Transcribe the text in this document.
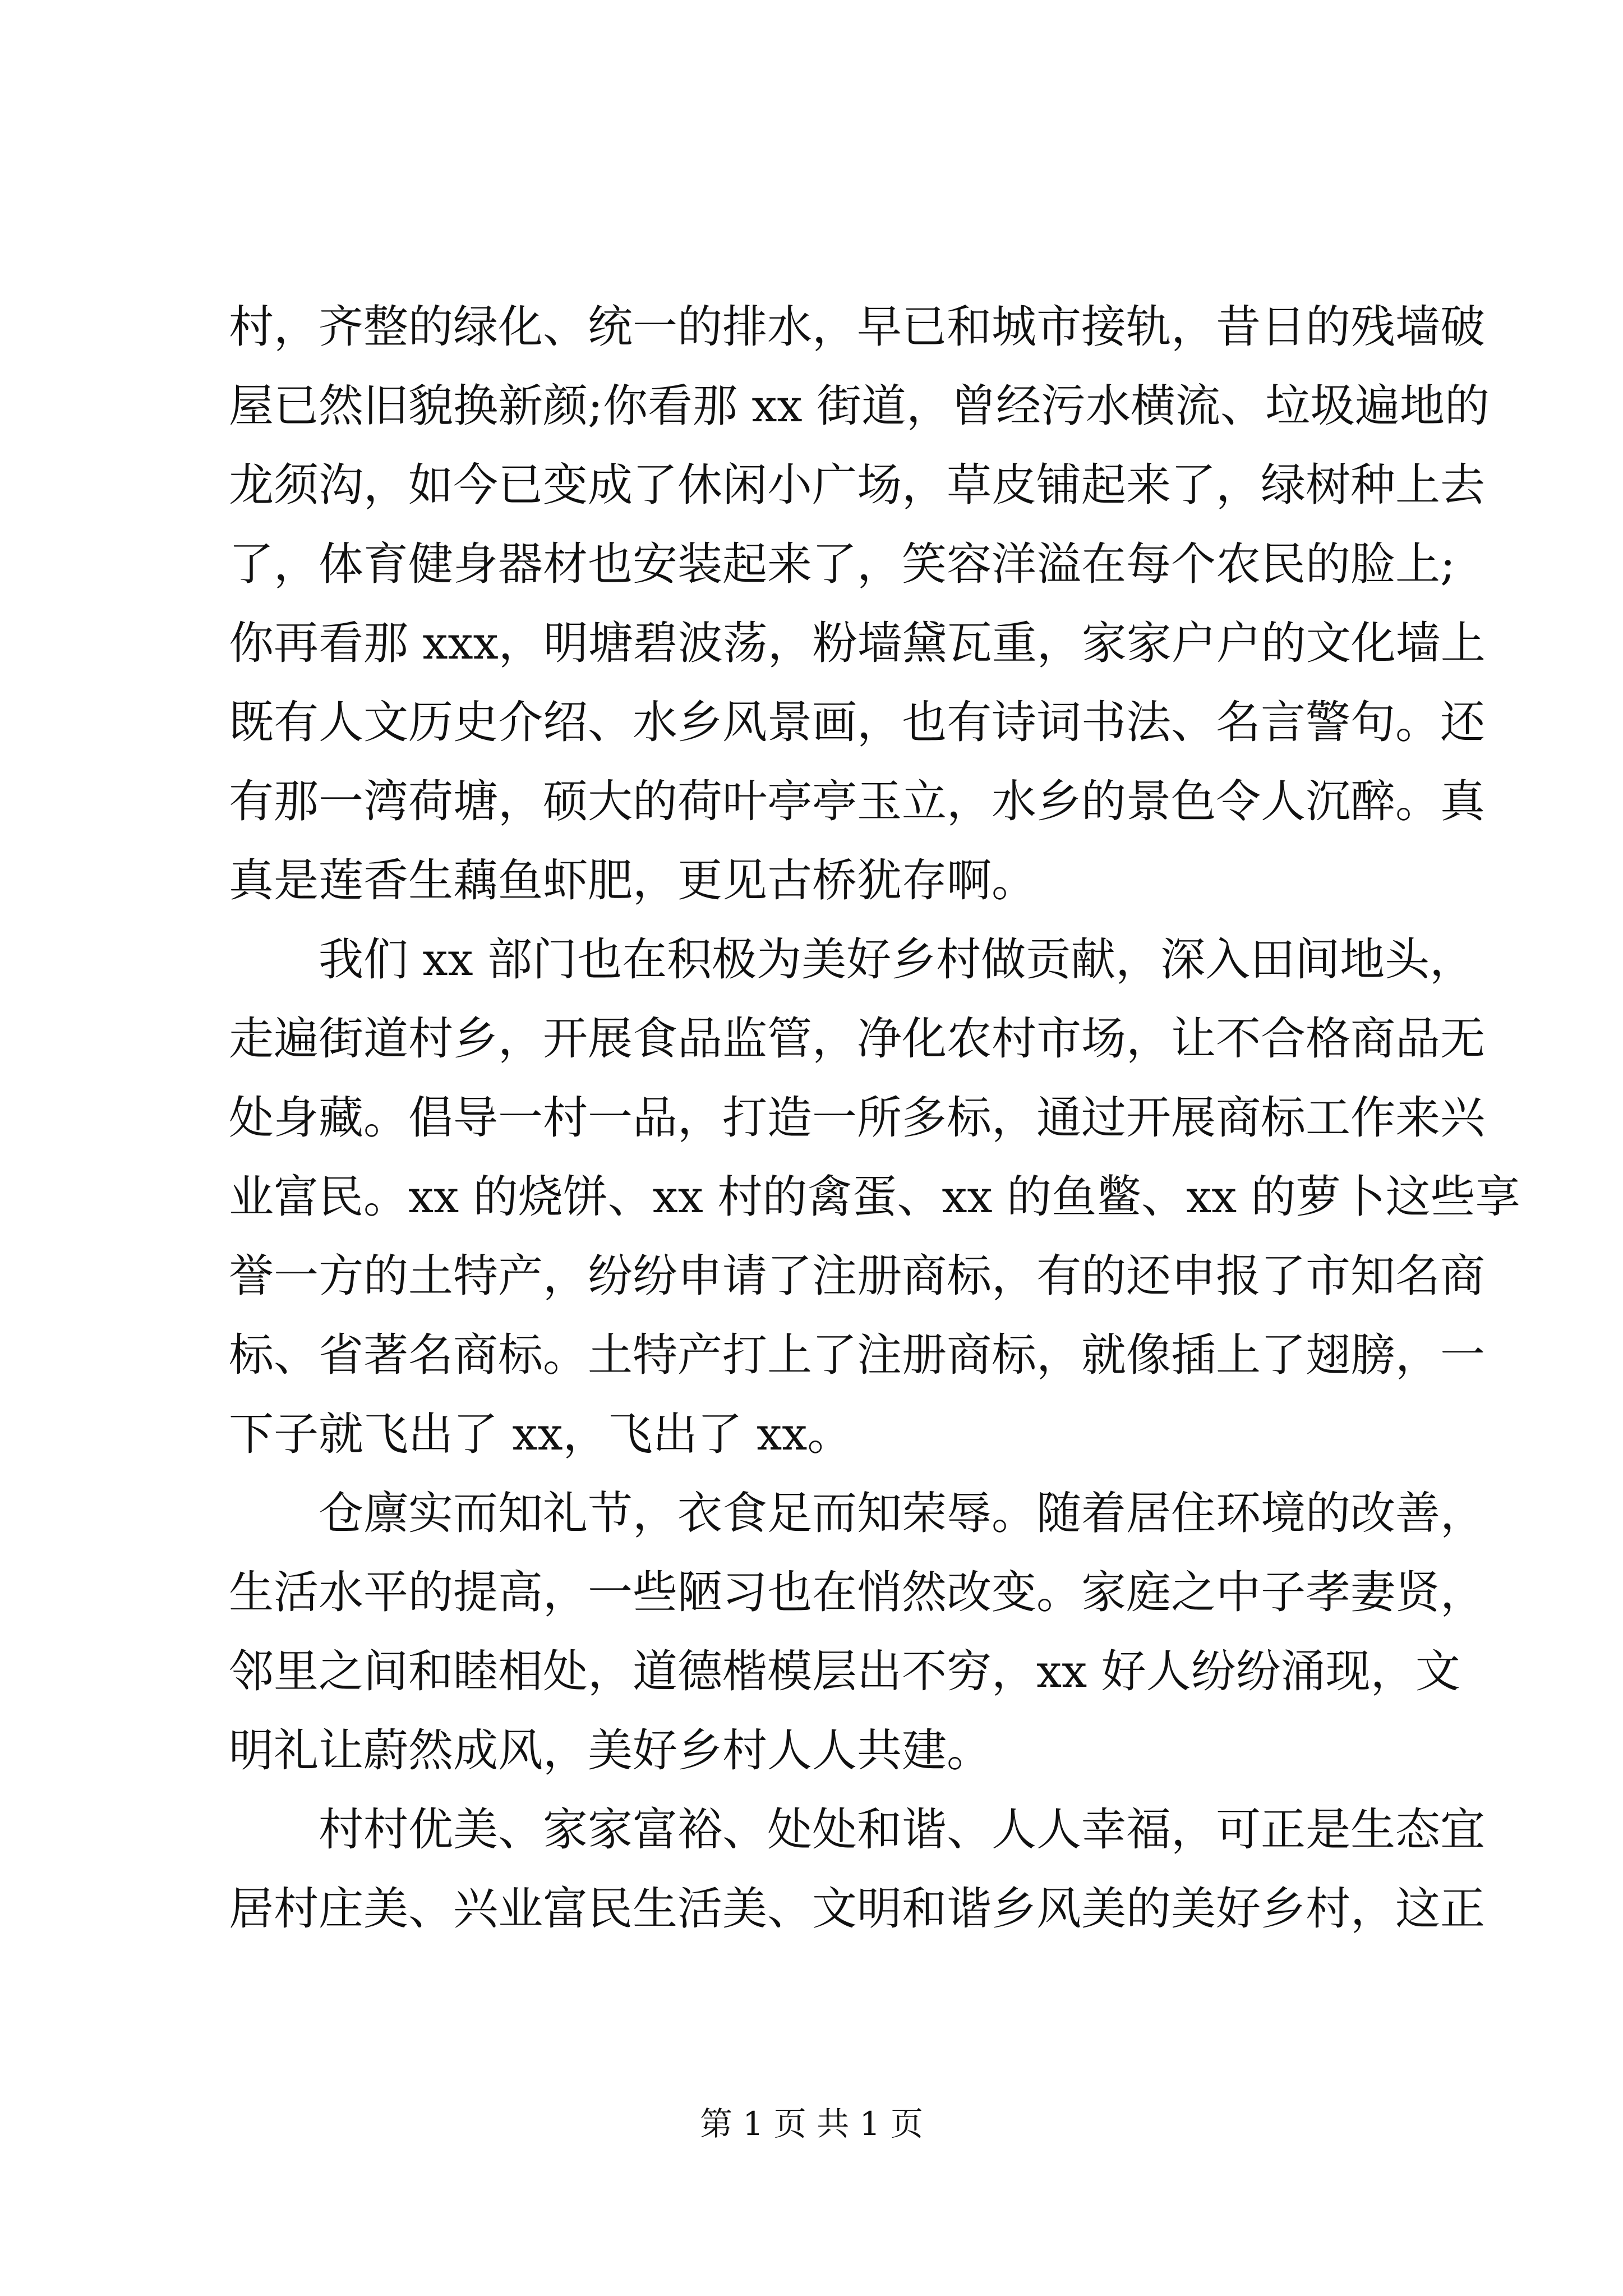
村，齐整的绿化、统一的排水，早已和城市接轨，昔日的残墙破
屋已然旧貌换新颜;你看那 xx 街道，曾经污水横流、垃圾遍地的
龙须沟，如今已变成了休闲小广场，草皮铺起来了，绿树种上去
了，体育健身器材也安装起来了，笑容洋溢在每个农民的脸上;
你再看那 xxx，明塘碧波荡，粉墙黛瓦重，家家户户的文化墙上
既有人文历史介绍、水乡风景画，也有诗词书法、名言警句。还
有那一湾荷塘，硕大的荷叶亭亭玉立，水乡的景色令人沉醉。真
真是莲香生藕鱼虾肥，更见古桥犹存啊。
我们 xx 部门也在积极为美好乡村做贡献，深入田间地头，
走遍街道村乡，开展食品监管，净化农村市场，让不合格商品无
处身藏。倡导一村一品，打造一所多标，通过开展商标工作来兴
业富民。xx 的烧饼、xx 村的禽蛋、xx 的鱼鳖、xx 的萝卜这些享
誉一方的土特产，纷纷申请了注册商标，有的还申报了市知名商
标、省著名商标。土特产打上了注册商标，就像插上了翅膀，一
下子就飞出了 xx，飞出了 xx。
仓廪实而知礼节，衣食足而知荣辱。随着居住环境的改善，
生活水平的提高，一些陋习也在悄然改变。家庭之中子孝妻贤，
邻里之间和睦相处，道德楷模层出不穷，xx 好人纷纷涌现，文
明礼让蔚然成风，美好乡村人人共建。
村村优美、家家富裕、处处和谐、人人幸福，可正是生态宜
居村庄美、兴业富民生活美、文明和谐乡风美的美好乡村，这正
第 1 页 共 1 页
